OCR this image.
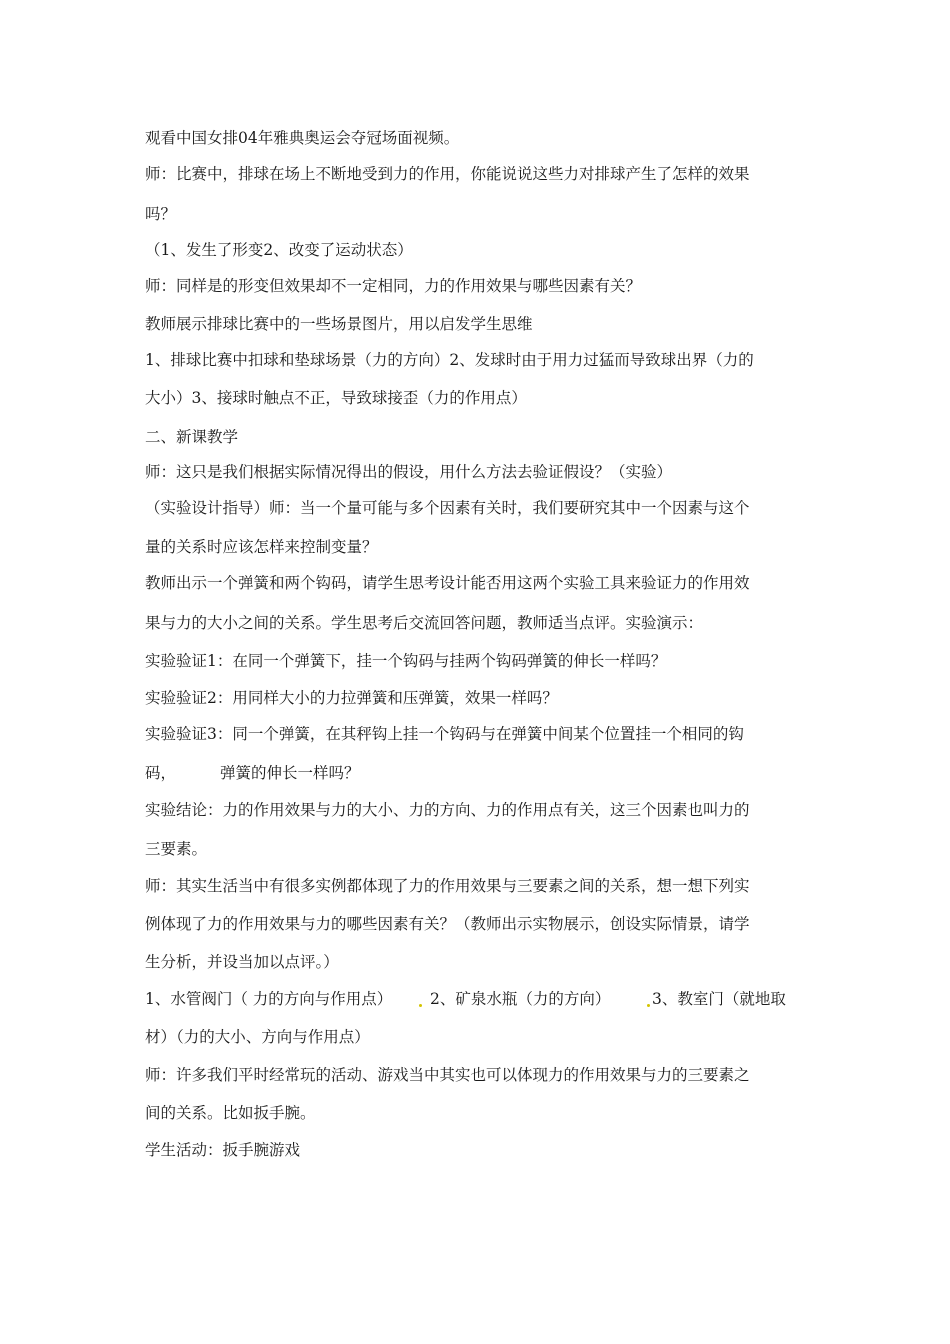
观看中国女排04年雅典奥运会夺冠场面视频。
师：比赛中，排球在场上不断地受到力的作用，你能说说这些力对排球产生了怎样的效果
吗？
（1、发生了形变2、改变了运动状态）
师：同样是的形变但效果却不一定相同，力的作用效果与哪些因素有关？
教师展示排球比赛中的一些场景图片，用以启发学生思维
1、排球比赛中扣球和垫球场景（力的方向）2、发球时由于用力过猛而导致球出界（力的
大小）3、接球时触点不正，导致球接歪（力的作用点）
二、新课教学
师：这只是我们根据实际情况得出的假设，用什么方法去验证假设？（实验）
（实验设计指导）师：当一个量可能与多个因素有关时，我们要研究其中一个因素与这个
量的关系时应该怎样来控制变量？
教师出示一个弹簧和两个钩码，请学生思考设计能否用这两个实验工具来验证力的作用效
果与力的大小之间的关系。学生思考后交流回答问题，教师适当点评。实验演示：
实验验证1：在同一个弹簧下，挂一个钩码与挂两个钩码弹簧的伸长一样吗？
实验验证2：用同样大小的力拉弹簧和压弹簧，效果一样吗？
实验验证3：同一个弹簧，在其秤钩上挂一个钩码与在弹簧中间某个位置挂一个相同的钩
码，	弹簧的伸长一样吗？
实验结论：力的作用效果与力的大小、力的方向、力的作用点有关，这三个因素也叫力的
三要素。
师：其实生活当中有很多实例都体现了力的作用效果与三要素之间的关系，想一想下列实
例体现了力的作用效果与力的哪些因素有关？（教师出示实物展示，创设实际情景，请学
生分析，并设当加以点评。）
1、水管阀门（ 力的方向与作用点） 2、矿泉水瓶（力的方向）	3、教室门（就地取
材）（力的大小、方向与作用点）
师：许多我们平时经常玩的活动、游戏当中其实也可以体现力的作用效果与力的三要素之
间的关系。比如扳手腕。
学生活动：扳手腕游戏
